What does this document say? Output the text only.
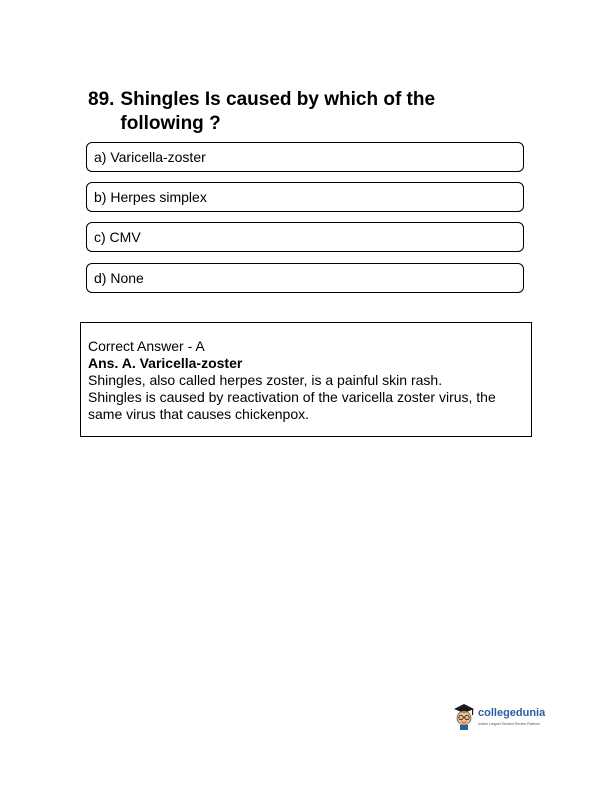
89. Shingles Is caused by which of the following ?
a) Varicella-zoster
b) Herpes simplex
c) CMV
d) None
Correct Answer - A
Ans. A. Varicella-zoster
Shingles, also called herpes zoster, is a painful skin rash.
Shingles is caused by reactivation of the varicella zoster virus, the same virus that causes chickenpox.
collegedunia
India's Largest Student Review Platform
